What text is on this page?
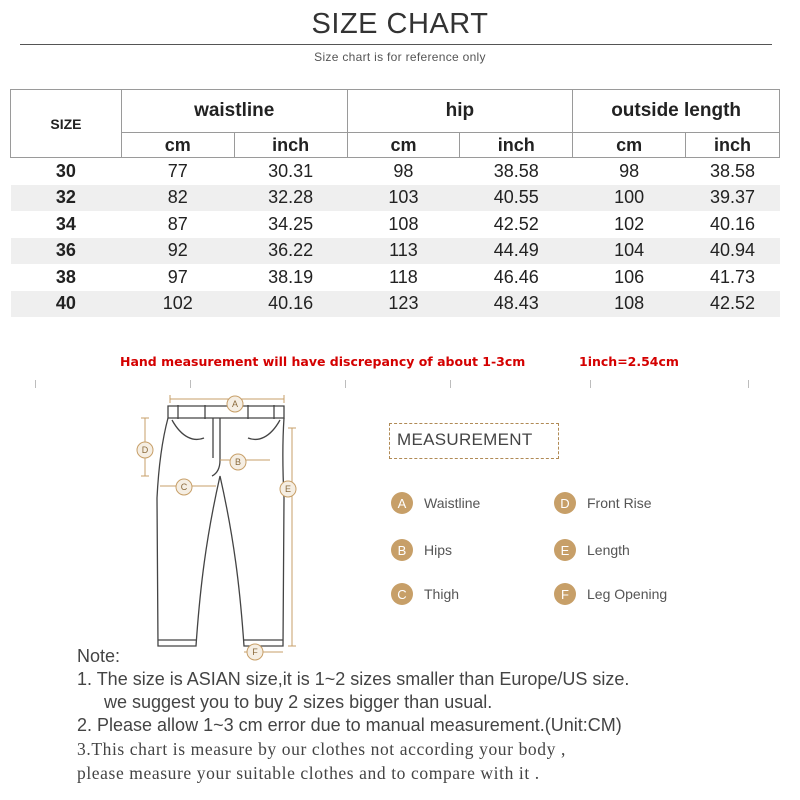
SIZE CHART
Size chart is for reference only
SIZE	waistline		hip		outside length	
	cm	inch	cm	inch	cm	inch
30	77	30.31	98	38.58	98	38.58
32	82	32.28	103	40.55	100	39.37
34	87	34.25	108	42.52	102	40.16
36	92	36.22	113	44.49	104	40.94
38	97	38.19	118	46.46	106	41.73
40	102	40.16	123	48.43	108	42.52
Hand measurement will have discrepancy of about 1-3cm	1inch=2.54cm
A
B
C
D
E
F
MEASUREMENT
A	Waistline
B	Hips
C	Thigh
D	Front Rise
E	Length
F	Leg Opening
Note:
1. The size is ASIAN size,it is 1~2 sizes smaller than Europe/US size.
we suggest you to buy 2 sizes bigger than usual.
2. Please allow 1~3 cm error due to manual measurement.(Unit:CM)
3.This chart is measure by our clothes not according your body ,
please measure your suitable clothes and to compare with it .
